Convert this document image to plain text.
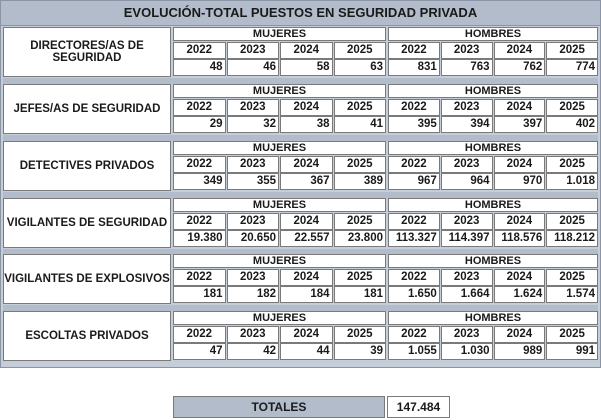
EVOLUCIÓN-TOTAL PUESTOS EN SEGURIDAD PRIVADA
DIRECTORES/AS DE SEGURIDAD
MUJERES
2022	2023	2024	2025
48	46	58	63
HOMBRES
2022	2023	2024	2025
831	763	762	774
JEFES/AS DE SEGURIDAD
MUJERES
2022	2023	2024	2025
29	32	38	41
HOMBRES
2022	2023	2024	2025
395	394	397	402
DETECTIVES PRIVADOS
MUJERES
2022	2023	2024	2025
349	355	367	389
HOMBRES
2022	2023	2024	2025
967	964	970	1.018
VIGILANTES DE SEGURIDAD
MUJERES
2022	2023	2024	2025
19.380	20.650	22.557	23.800
HOMBRES
2022	2023	2024	2025
113.327	114.397	118.576	118.212
VIGILANTES DE EXPLOSIVOS
MUJERES
2022	2023	2024	2025
181	182	184	181
HOMBRES
2022	2023	2024	2025
1.650	1.664	1.624	1.574
ESCOLTAS PRIVADOS
MUJERES
2022	2023	2024	2025
47	42	44	39
HOMBRES
2022	2023	2024	2025
1.055	1.030	989	991
TOTALES	147.484
